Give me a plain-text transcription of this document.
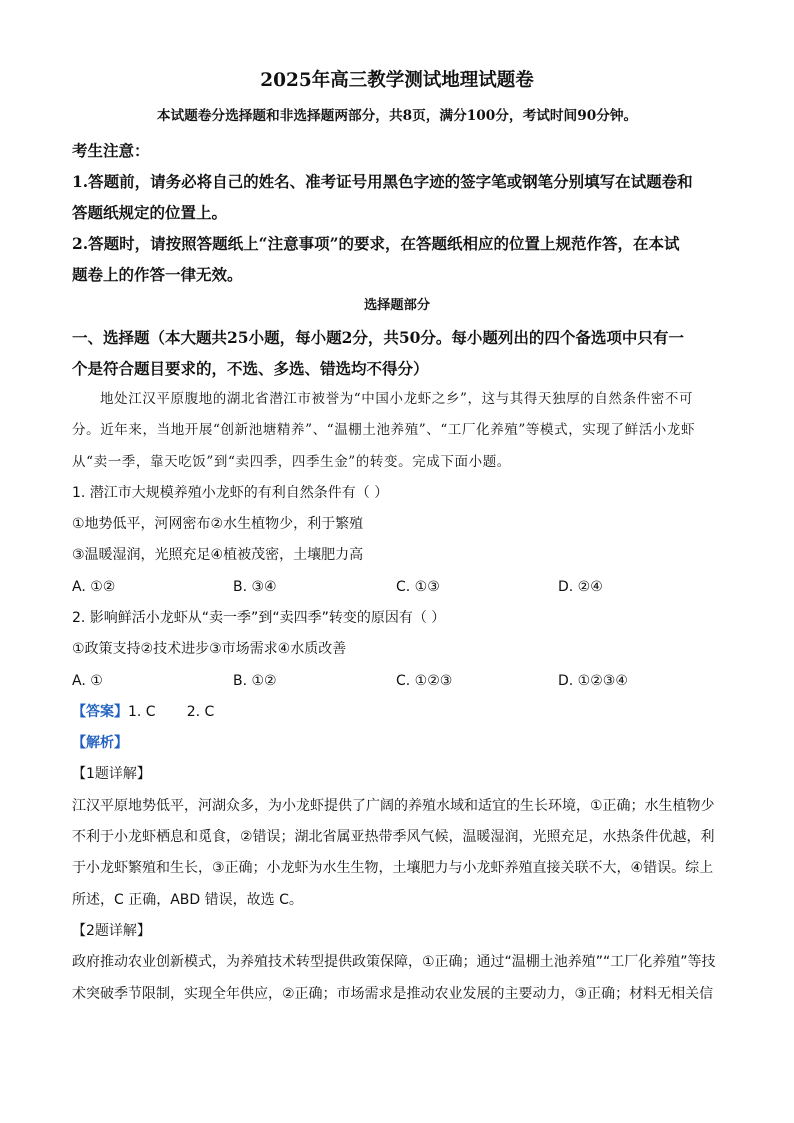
2025年高三教学测试地理试题卷
本试题卷分选择题和非选择题两部分，共8页，满分100分，考试时间90分钟。
考生注意：
1.答题前，请务必将自己的姓名、准考证号用黑色字迹的签字笔或钢笔分别填写在试题卷和
答题纸规定的位置上。
2.答题时，请按照答题纸上“注意事项”的要求，在答题纸相应的位置上规范作答，在本试
题卷上的作答一律无效。
选择题部分
一、选择题（本大题共25小题，每小题2分，共50分。每小题列出的四个备选项中只有一
个是符合题目要求的，不选、多选、错选均不得分）
地处江汉平原腹地的湖北省潜江市被誉为“中国小龙虾之乡”，这与其得天独厚的自然条件密不可
分。近年来，当地开展“创新池塘精养”、“温棚土池养殖”、“工厂化养殖”等模式，实现了鲜活小龙虾
从“卖一季，靠天吃饭”到“卖四季，四季生金”的转变。完成下面小题。
1. 潜江市大规模养殖小龙虾的有利自然条件有（ ）
①地势低平，河网密布②水生植物少，利于繁殖
③温暖湿润，光照充足④植被茂密，土壤肥力高
A. ①②	B. ③④	C. ①③	D. ②④
2. 影响鲜活小龙虾从“卖一季”到“卖四季”转变的原因有（ ）
①政策支持②技术进步③市场需求④水质改善
A. ①	B. ①②	C. ①②③	D. ①②③④
【答案】1. C       2. C
【解析】
【1题详解】
江汉平原地势低平，河湖众多，为小龙虾提供了广阔的养殖水域和适宜的生长环境，①正确；水生植物少
不利于小龙虾栖息和觅食，②错误；湖北省属亚热带季风气候，温暖湿润，光照充足，水热条件优越，利
于小龙虾繁殖和生长，③正确；小龙虾为水生生物，土壤肥力与小龙虾养殖直接关联不大，④错误。综上
所述，C 正确，ABD 错误，故选 C。
【2题详解】
政府推动农业创新模式，为养殖技术转型提供政策保障，①正确；通过“温棚土池养殖”“工厂化养殖”等技
术突破季节限制，实现全年供应，②正确；市场需求是推动农业发展的主要动力，③正确；材料无相关信
